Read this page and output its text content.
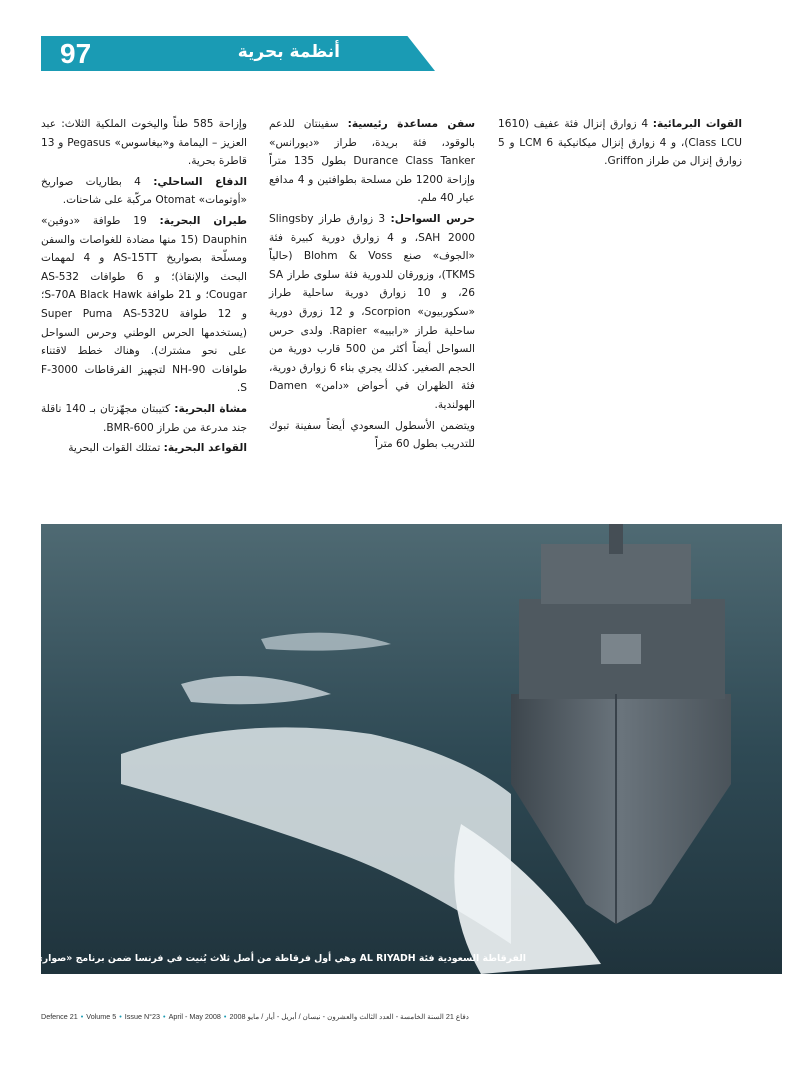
97	أنظمة بحرية

القوات البرمائية: 4 زوارق إنزال فئة عفيف (1610 Class LCU)، و 4 زوارق إنزال ميكانيكية LCM 6 و 5 زوارق إنزال من طراز Griffon.

سفن مساعدة رئيسية: سفينتان للدعم بالوقود، فئة بريدة، طراز «ديورانس» Durance Class Tanker بطول 135 متراً وإزاحة 1200 طن مسلحة بطوافتين و 4 مدافع عيار 40 ملم.

حرس السواحل: 3 زوارق طراز Slingsby SAH 2000، و 4 زوارق دورية كبيرة فئة «الجوف» صنع Blohm & Voss (حالياً TKMS)، وزورقان للدورية فئة سلوى طراز SA 26، و 10 زوارق دورية ساحلية طراز «سكوربيون» Scorpion، و 12 زورق دورية ساحلية طراز «رابييه» Rapier. ولدى حرس السواحل أيضاً أكثر من 500 قارب دورية من الحجم الصغير. كذلك يجري بناء 6 زوارق دورية، فئة الظهران في أحواض «دامن» Damen الهولندية.

ويتضمن الأسطول السعودي أيضاً سفينة تبوك للتدريب بطول 60 متراً

وإزاحة 585 طناً واليخوت الملكية الثلاث: عبد العزيز – اليمامة و«بيغاسوس» Pegasus و 13 قاطرة بحرية.

الدفاع الساحلي: 4 بطاريات صواريخ «أوتومات» Otomat مركّبة على شاحنات.

طيران البحرية: 19 طوافة «دوفين» Dauphin (15 منها مضادة للغواصات والسفن ومسلّحة بصواريخ AS-15TT و 4 لمهمات البحث والإنقاذ)؛ و 6 طوافات AS-532 Cougar؛ و 21 طوافة S-70A Black Hawk؛ و 12 طوافة Super Puma AS-532U (يستخدمها الحرس الوطني وحرس السواحل على نحو مشترك). وهناك خطط لاقتناء طوافات NH-90 لتجهيز الفرقاطات F-3000 S.

مشاة البحرية: كتيبتان مجهّزتان بـ 140 ناقلة جند مدرعة من طراز BMR-600.

القواعد البحرية: تمتلك القوات البحرية

الفرقاطة السعودية فئة AL RIYADH وهي أول فرقاطة من أصل ثلاث بُنيت في فرنسا ضمن برنامج «صواري 2»
Defence 21 • Volume 5 • Issue N°23 • April - May 2008 • دفاع 21 السنة الخامسة - العدد الثالث والعشرون - نيسان / أبريل - أيار / مايو 2008
